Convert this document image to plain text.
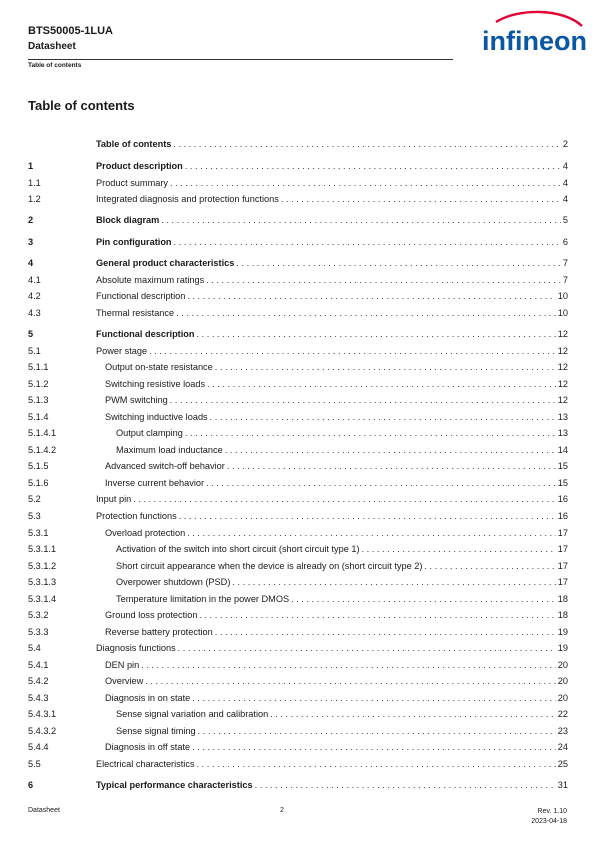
BTS50005-1LUA
Datasheet
Table of contents
infineon
Table of contents
Table of contents . . .	2
1	Product description . . .	4
1.1	Product summary . . .	4
1.2	Integrated diagnosis and protection functions . . .	4
2	Block diagram . . .	5
3	Pin configuration . . .	6
4	General product characteristics . . .	7
4.1	Absolute maximum ratings . . .	7
4.2	Functional description . . .	10
4.3	Thermal resistance . . .	10
5	Functional description . . .	12
5.1	Power stage . . .	12
5.1.1	Output on-state resistance . . .	12
5.1.2	Switching resistive loads . . .	12
5.1.3	PWM switching . . .	12
5.1.4	Switching inductive loads . . .	13
5.1.4.1	Output clamping . . .	13
5.1.4.2	Maximum load inductance . . .	14
5.1.5	Advanced switch-off behavior . . .	15
5.1.6	Inverse current behavior . . .	15
5.2	Input pin . . .	16
5.3	Protection functions . . .	16
5.3.1	Overload protection . . .	17
5.3.1.1	Activation of the switch into short circuit (short circuit type 1) . . .	17
5.3.1.2	Short circuit appearance when the device is already on (short circuit type 2) . . .	17
5.3.1.3	Overpower shutdown (PSD) . . .	17
5.3.1.4	Temperature limitation in the power DMOS . . .	18
5.3.2	Ground loss protection . . .	18
5.3.3	Reverse battery protection . . .	19
5.4	Diagnosis functions . . .	19
5.4.1	DEN pin . . .	20
5.4.2	Overview . . .	20
5.4.3	Diagnosis in on state . . .	20
5.4.3.1	Sense signal variation and calibration . . .	22
5.4.3.2	Sense signal timing . . .	23
5.4.4	Diagnosis in off state . . .	24
5.5	Electrical characteristics . . .	25
6	Typical performance characteristics . . .	31
Datasheet	2	Rev. 1.10
2023-04-18
